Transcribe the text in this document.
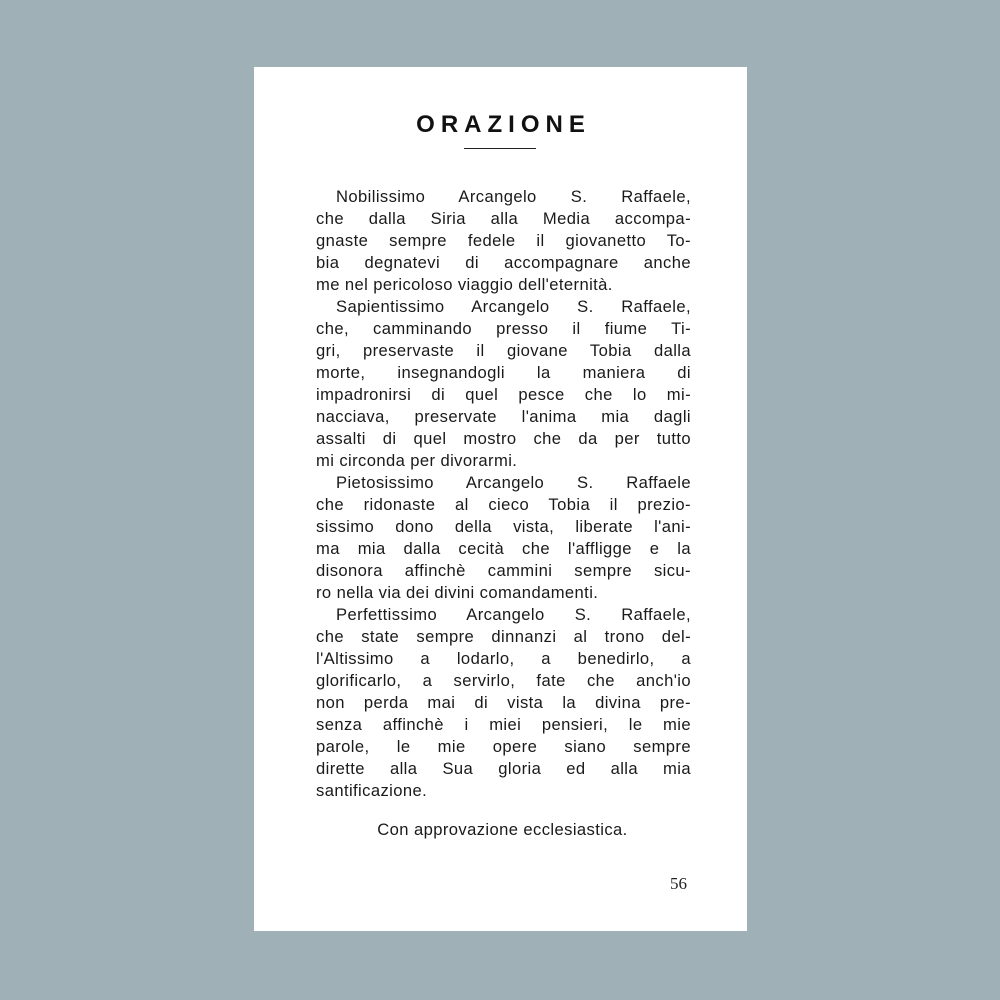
ORAZIONE
Nobilissimo Arcangelo S. Raffaele,
che dalla Siria alla Media accompa-
gnaste sempre fedele il giovanetto To-
bia degnatevi di accompagnare anche
me nel pericoloso viaggio dell'eternità.
Sapientissimo Arcangelo S. Raffaele,
che, camminando presso il fiume Ti-
gri, preservaste il giovane Tobia dalla
morte, insegnandogli la maniera di
impadronirsi di quel pesce che lo mi-
nacciava, preservate l'anima mia dagli
assalti di quel mostro che da per tutto
mi circonda per divorarmi.
Pietosissimo Arcangelo S. Raffaele
che ridonaste al cieco Tobia il prezio-
sissimo dono della vista, liberate l'ani-
ma mia dalla cecità che l'affligge e la
disonora affinchè cammini sempre sicu-
ro nella via dei divini comandamenti.
Perfettissimo Arcangelo S. Raffaele,
che state sempre dinnanzi al trono del-
l'Altissimo a lodarlo, a benedirlo, a
glorificarlo, a servirlo, fate che anch'io
non perda mai di vista la divina pre-
senza affinchè i miei pensieri, le mie
parole, le mie opere siano sempre
dirette alla Sua gloria ed alla mia
santificazione.
Con approvazione ecclesiastica.
56
